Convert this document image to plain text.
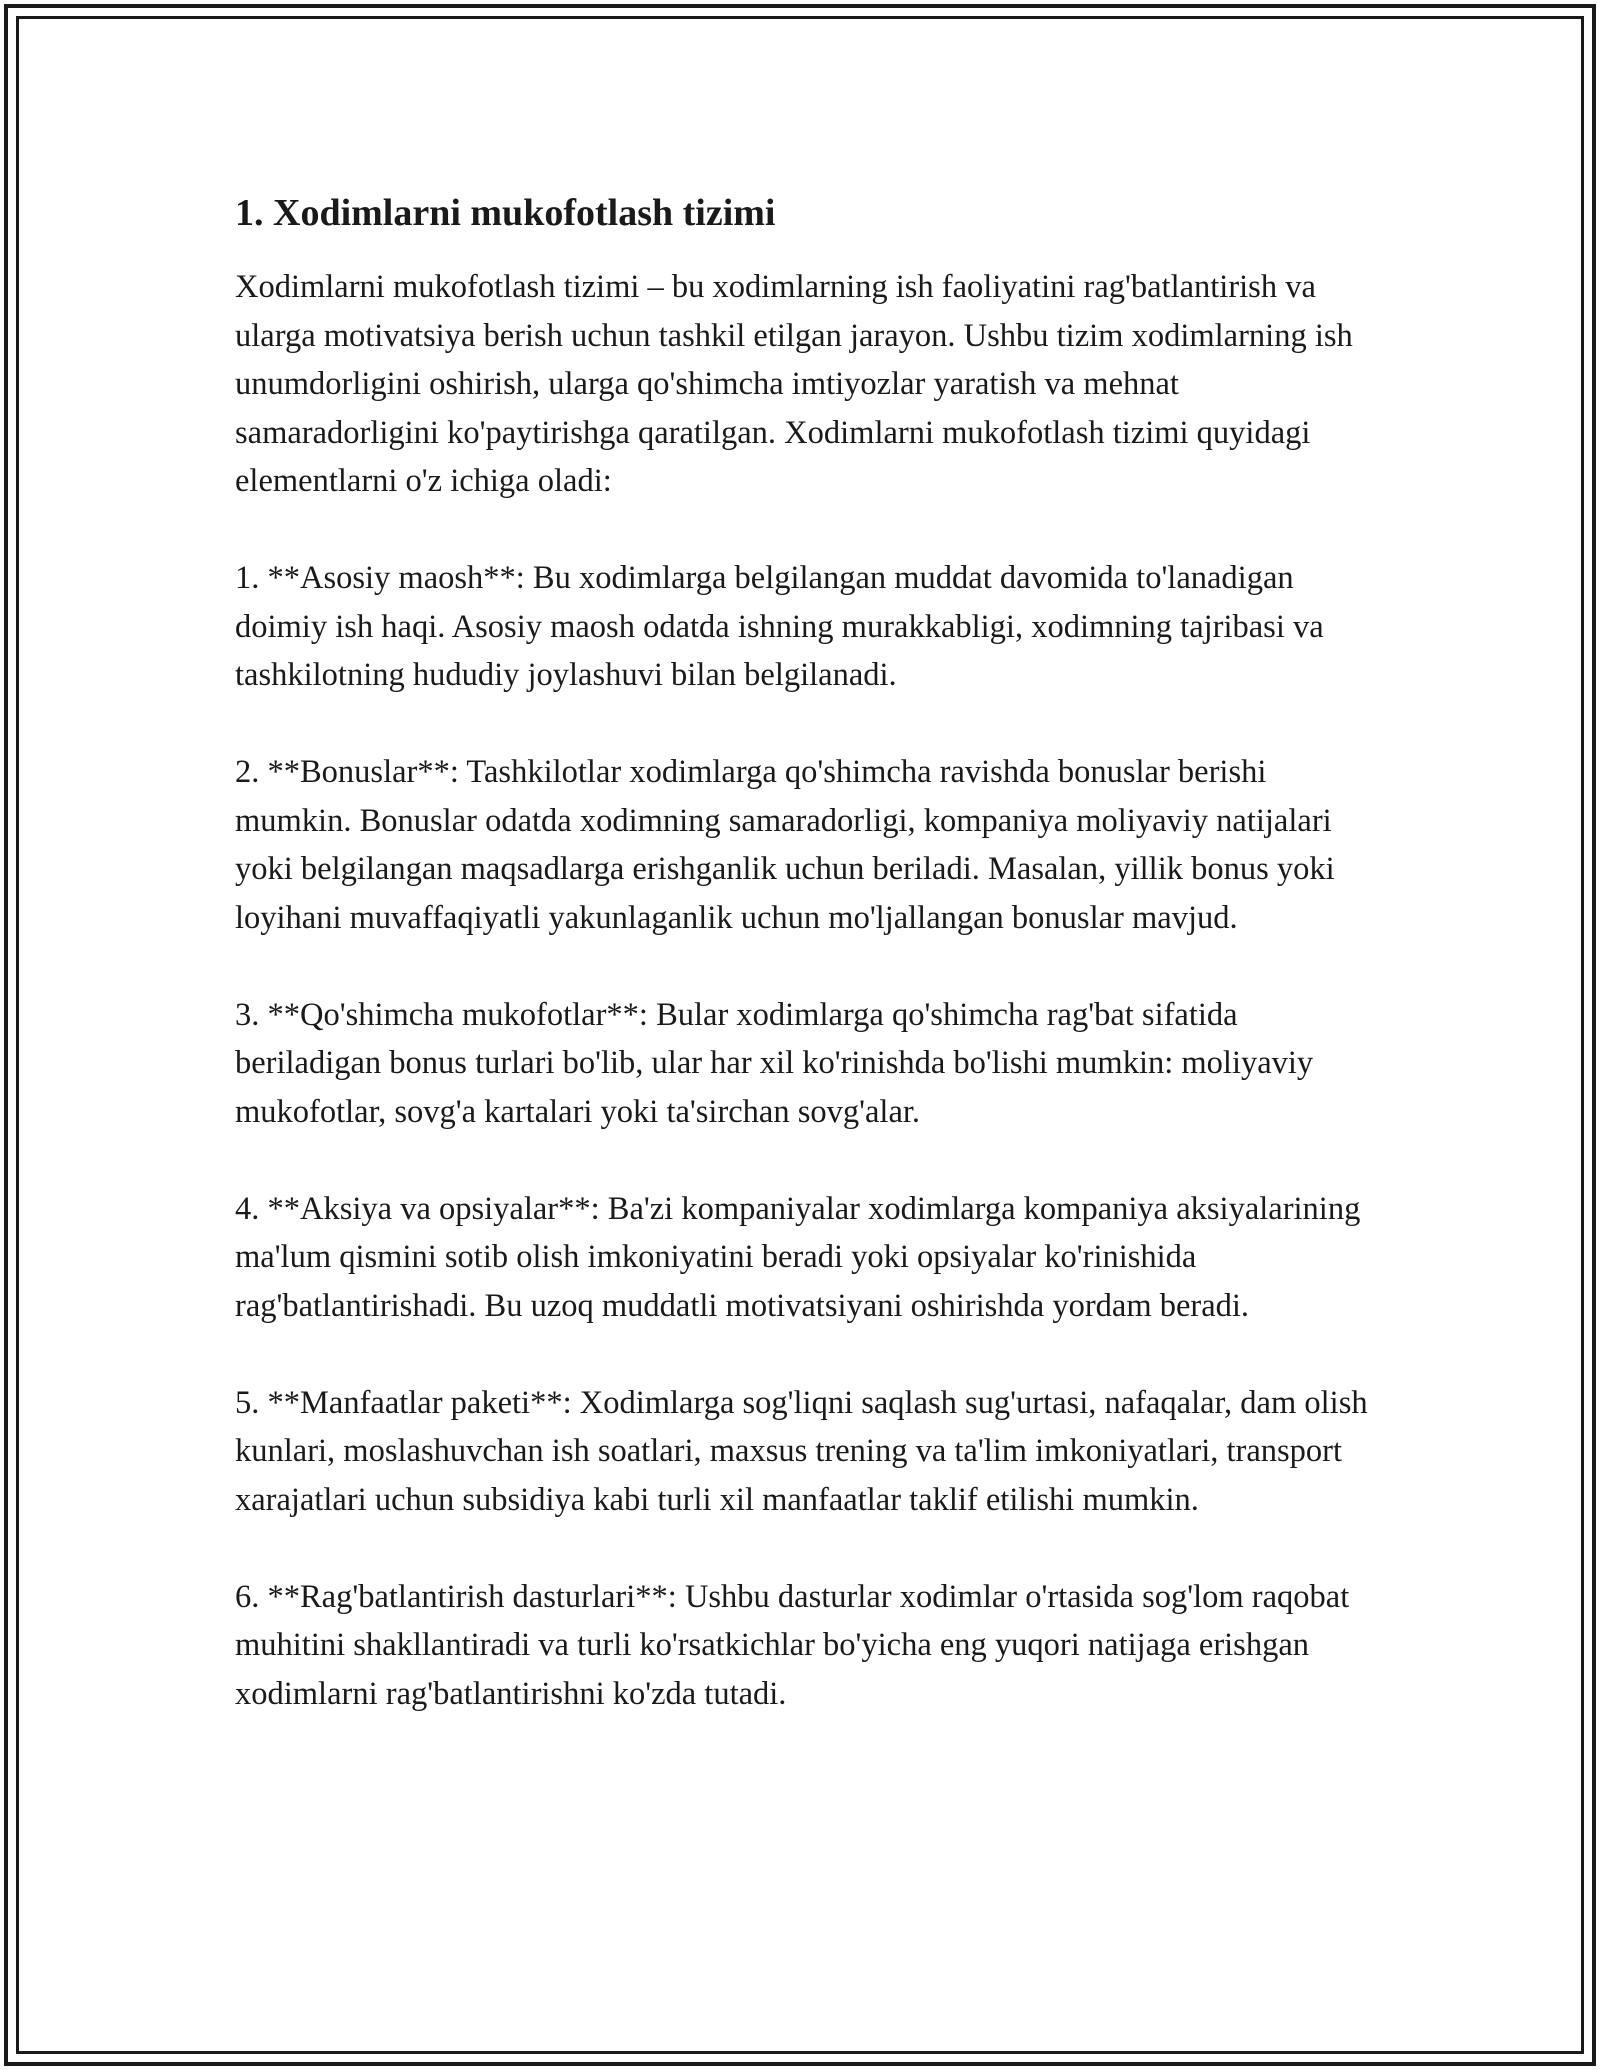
1. Xodimlarni mukofotlash tizimi

Xodimlarni mukofotlash tizimi – bu xodimlarning ish faoliyatini rag'batlantirish va ularga motivatsiya berish uchun tashkil etilgan jarayon. Ushbu tizim xodimlarning ish unumdorligini oshirish, ularga qo'shimcha imtiyozlar yaratish va mehnat samaradorligini ko'paytirishga qaratilgan. Xodimlarni mukofotlash tizimi quyidagi elementlarni o'z ichiga oladi:

1. **Asosiy maosh**: Bu xodimlarga belgilangan muddat davomida to'lanadigan doimiy ish haqi. Asosiy maosh odatda ishning murakkabligi, xodimning tajribasi va tashkilotning hududiy joylashuvi bilan belgilanadi.

2. **Bonuslar**: Tashkilotlar xodimlarga qo'shimcha ravishda bonuslar berishi mumkin. Bonuslar odatda xodimning samaradorligi, kompaniya moliyaviy natijalari yoki belgilangan maqsadlarga erishganlik uchun beriladi. Masalan, yillik bonus yoki loyihani muvaffaqiyatli yakunlaganlik uchun mo'ljallangan bonuslar mavjud.

3. **Qo'shimcha mukofotlar**: Bular xodimlarga qo'shimcha rag'bat sifatida beriladigan bonus turlari bo'lib, ular har xil ko'rinishda bo'lishi mumkin: moliyaviy mukofotlar, sovg'a kartalari yoki ta'sirchan sovg'alar.

4. **Aksiya va opsiyalar**: Ba'zi kompaniyalar xodimlarga kompaniya aksiyalarining ma'lum qismini sotib olish imkoniyatini beradi yoki opsiyalar ko'rinishida rag'batlantirishadi. Bu uzoq muddatli motivatsiyani oshirishda yordam beradi.

5. **Manfaatlar paketi**: Xodimlarga sog'liqni saqlash sug'urtasi, nafaqalar, dam olish kunlari, moslashuvchan ish soatlari, maxsus trening va ta'lim imkoniyatlari, transport xarajatlari uchun subsidiya kabi turli xil manfaatlar taklif etilishi mumkin.

6. **Rag'batlantirish dasturlari**: Ushbu dasturlar xodimlar o'rtasida sog'lom raqobat muhitini shakllantiradi va turli ko'rsatkichlar bo'yicha eng yuqori natijaga erishgan xodimlarni rag'batlantirishni ko'zda tutadi.
